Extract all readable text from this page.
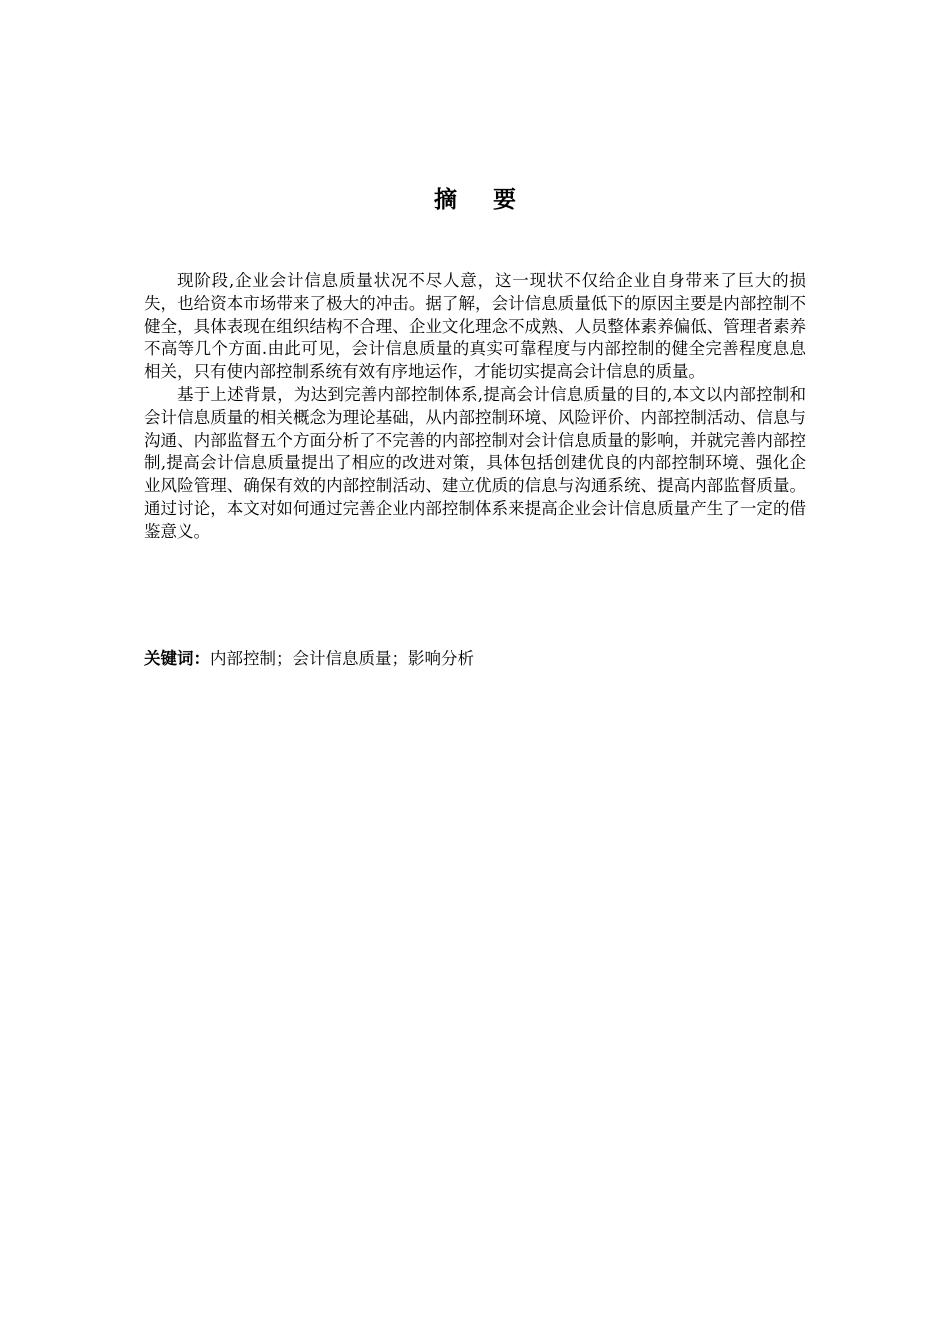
摘 要

现阶段,企业会计信息质量状况不尽人意，这一现状不仅给企业自身带来了巨大的损失，也给资本市场带来了极大的冲击。据了解，会计信息质量低下的原因主要是内部控制不健全，具体表现在组织结构不合理、企业文化理念不成熟、人员整体素养偏低、管理者素养不高等几个方面.由此可见，会计信息质量的真实可靠程度与内部控制的健全完善程度息息相关，只有使内部控制系统有效有序地运作，才能切实提高会计信息的质量。

基于上述背景，为达到完善内部控制体系,提高会计信息质量的目的,本文以内部控制和会计信息质量的相关概念为理论基础，从内部控制环境、风险评价、内部控制活动、信息与沟通、内部监督五个方面分析了不完善的内部控制对会计信息质量的影响，并就完善内部控制,提高会计信息质量提出了相应的改进对策，具体包括创建优良的内部控制环境、强化企业风险管理、确保有效的内部控制活动、建立优质的信息与沟通系统、提高内部监督质量。通过讨论，本文对如何通过完善企业内部控制体系来提高企业会计信息质量产生了一定的借鉴意义。

关键词：内部控制；会计信息质量；影响分析
